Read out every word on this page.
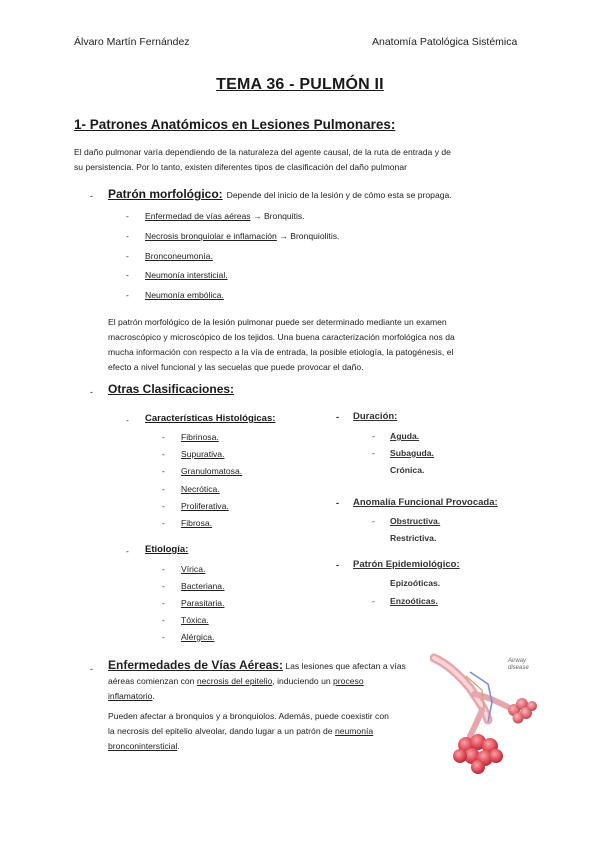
Álvaro Martín Fernández	Anatomía Patológica Sistémica
TEMA 36 - PULMÓN II
1- Patrones Anatómicos en Lesiones Pulmonares:
El daño pulmonar varía dependiendo de la naturaleza del agente causal, de la ruta de entrada y de
su persistencia. Por lo tanto, existen diferentes tipos de clasificación del daño pulmonar
- Patrón morfológico: Depende del inicio de la lesión y de cómo esta se propaga.
- Enfermedad de vías aéreas → Bronquitis.
- Necrosis bronquiolar e inflamación → Bronquiolitis.
- Bronconeumonía.
- Neumonía intersticial.
- Neumonía embólica.
El patrón morfológico de la lesión pulmonar puede ser determinado mediante un examen
macroscópico y microscópico de los tejidos. Una buena caracterización morfológica nos da
mucha información con respecto a la vía de entrada, la posible etiología, la patogénesis, el
efecto a nivel funcional y las secuelas que puede provocar el daño.
- Otras Clasificaciones:
- Características Histológicas:
- Fibrinosa.
- Supurativa.
- Granulomatosa.
- Necrótica.
- Proliferativa.
- Fibrosa.
- Etiología:
- Vírica.
- Bacteriana.
- Parasitaria.
- Tóxica.
- Alérgica.
- Duración:
- Aguda.
- Subaguda.
Crónica.
- Anomalía Funcional Provocada:
- Obstructiva.
Restrictiva.
- Patrón Epidemiológico:
Epizoóticas.
- Enzoóticas.
- Enfermedades de Vías Aéreas: Las lesiones que afectan a vías
aéreas comienzan con necrosis del epitelio, induciendo un proceso
inflamatorio.
Pueden afectar a bronquios y a bronquiolos. Además, puede coexistir con
la necrosis del epitelio alveolar, dando lugar a un patrón de neumonía
bronconintersticial.
Airway
disease
